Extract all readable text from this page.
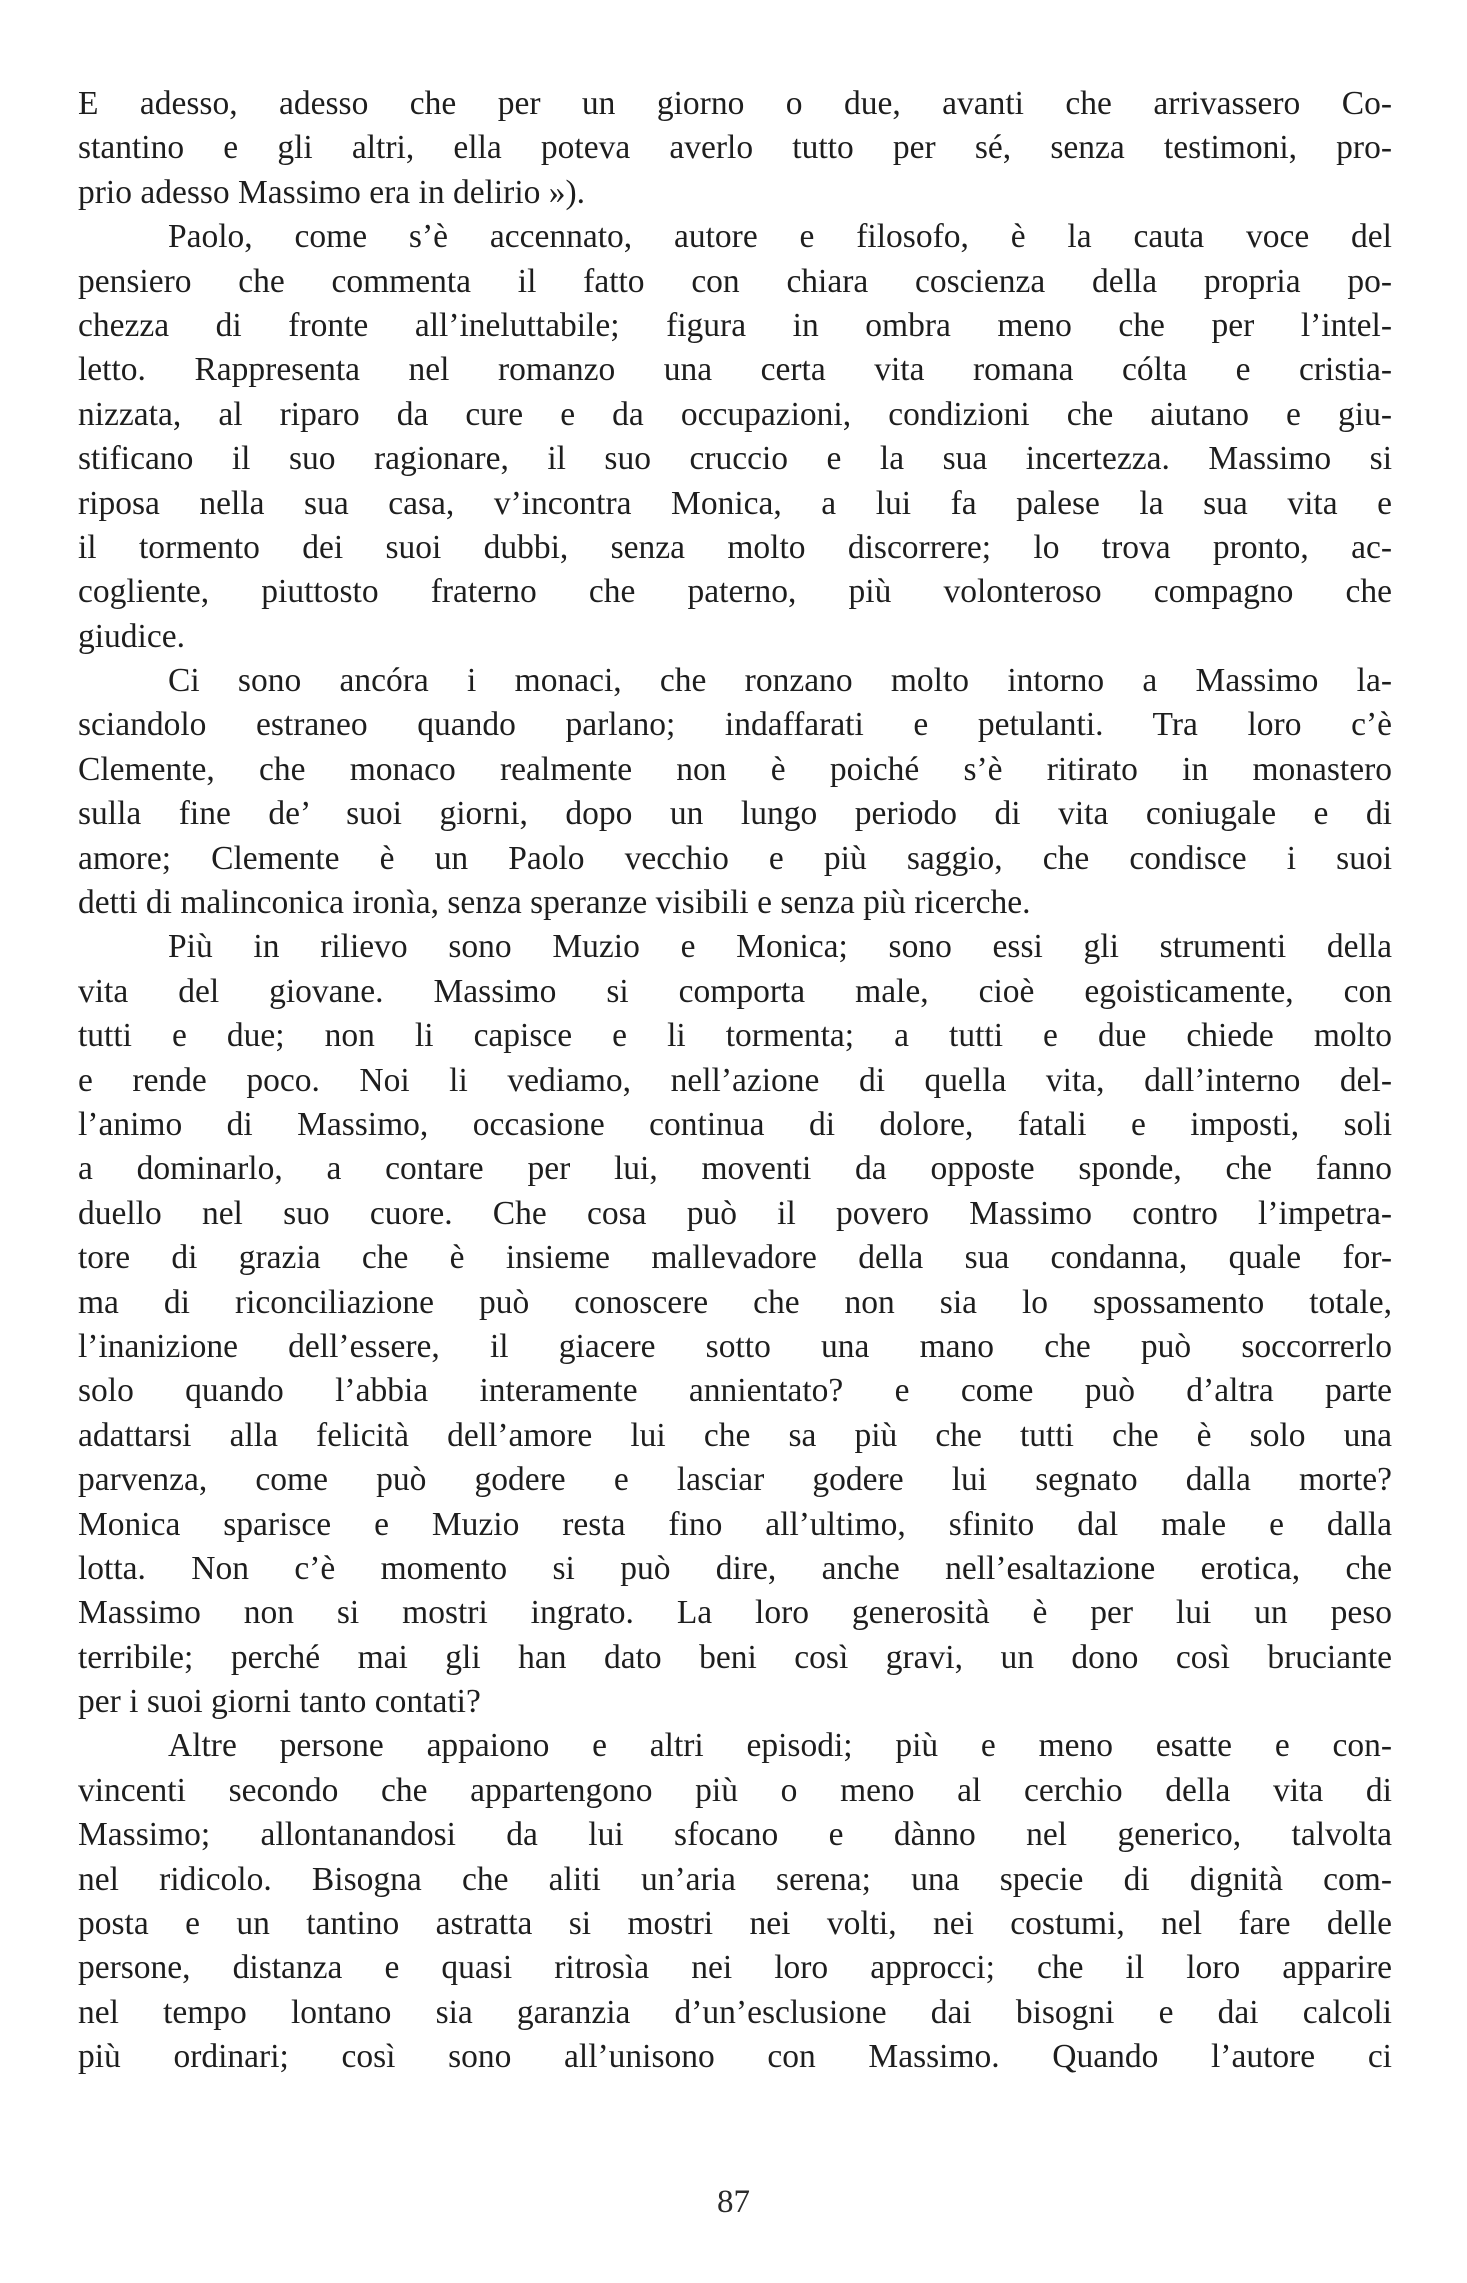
E adesso, adesso che per un giorno o due, avanti che arrivassero Co-
stantino e gli altri, ella poteva averlo tutto per sé, senza testimoni, pro-
prio adesso Massimo era in delirio »).
Paolo, come s’è accennato, autore e filosofo, è la cauta voce del
pensiero che commenta il fatto con chiara coscienza della propria po-
chezza di fronte all’ineluttabile; figura in ombra meno che per l’intel-
letto. Rappresenta nel romanzo una certa vita romana cólta e cristia-
nizzata, al riparo da cure e da occupazioni, condizioni che aiutano e giu-
stificano il suo ragionare, il suo cruccio e la sua incertezza. Massimo si
riposa nella sua casa, v’incontra Monica, a lui fa palese la sua vita e
il tormento dei suoi dubbi, senza molto discorrere; lo trova pronto, ac-
cogliente, piuttosto fraterno che paterno, più volonteroso compagno che
giudice.
Ci sono ancóra i monaci, che ronzano molto intorno a Massimo la-
sciandolo estraneo quando parlano; indaffarati e petulanti. Tra loro c’è
Clemente, che monaco realmente non è poiché s’è ritirato in monastero
sulla fine de’ suoi giorni, dopo un lungo periodo di vita coniugale e di
amore; Clemente è un Paolo vecchio e più saggio, che condisce i suoi
detti di malinconica ironìa, senza speranze visibili e senza più ricerche.
Più in rilievo sono Muzio e Monica; sono essi gli strumenti della
vita del giovane. Massimo si comporta male, cioè egoisticamente, con
tutti e due; non li capisce e li tormenta; a tutti e due chiede molto
e rende poco. Noi li vediamo, nell’azione di quella vita, dall’interno del-
l’animo di Massimo, occasione continua di dolore, fatali e imposti, soli
a dominarlo, a contare per lui, moventi da opposte sponde, che fanno
duello nel suo cuore. Che cosa può il povero Massimo contro l’impetra-
tore di grazia che è insieme mallevadore della sua condanna, quale for-
ma di riconciliazione può conoscere che non sia lo spossamento totale,
l’inanizione dell’essere, il giacere sotto una mano che può soccorrerlo
solo quando l’abbia interamente annientato? e come può d’altra parte
adattarsi alla felicità dell’amore lui che sa più che tutti che è solo una
parvenza, come può godere e lasciar godere lui segnato dalla morte?
Monica sparisce e Muzio resta fino all’ultimo, sfinito dal male e dalla
lotta. Non c’è momento si può dire, anche nell’esaltazione erotica, che
Massimo non si mostri ingrato. La loro generosità è per lui un peso
terribile; perché mai gli han dato beni così gravi, un dono così bruciante
per i suoi giorni tanto contati?
Altre persone appaiono e altri episodi; più e meno esatte e con-
vincenti secondo che appartengono più o meno al cerchio della vita di
Massimo; allontanandosi da lui sfocano e dànno nel generico, talvolta
nel ridicolo. Bisogna che aliti un’aria serena; una specie di dignità com-
posta e un tantino astratta si mostri nei volti, nei costumi, nel fare delle
persone, distanza e quasi ritrosìa nei loro approcci; che il loro apparire
nel tempo lontano sia garanzia d’un’esclusione dai bisogni e dai calcoli
più ordinari; così sono all’unisono con Massimo. Quando l’autore ci
87
